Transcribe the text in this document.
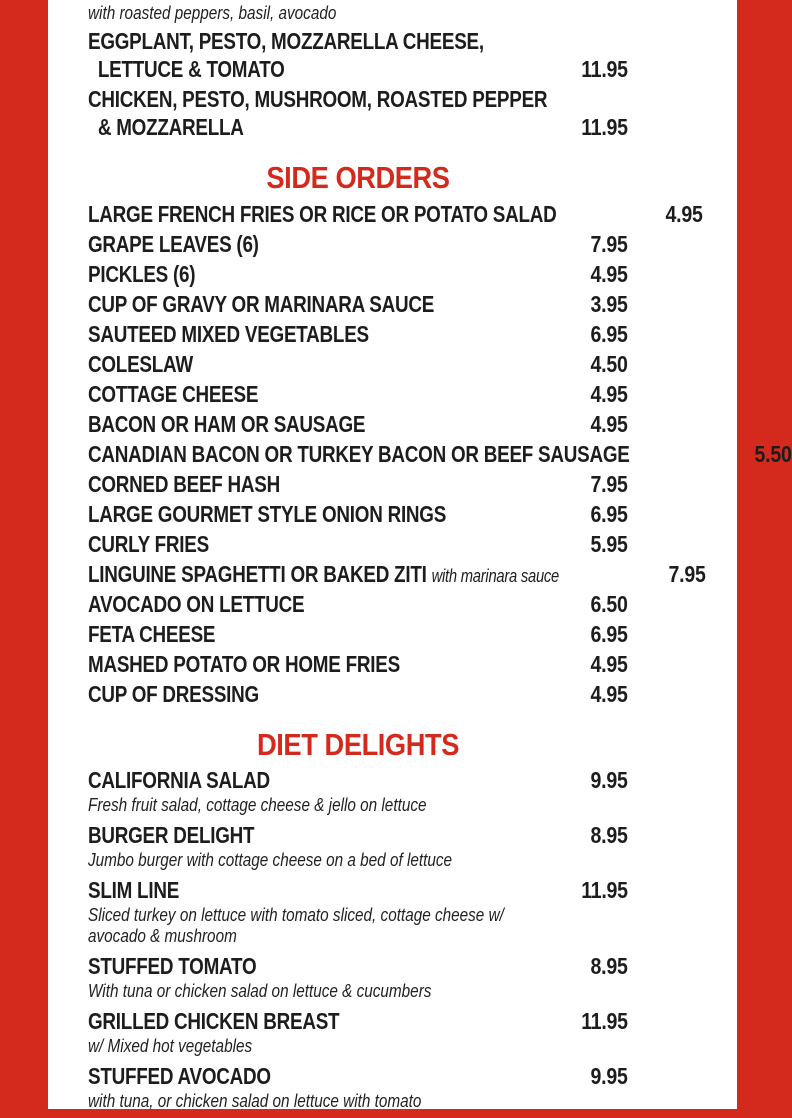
with roasted peppers, basil, avocado
EGGPLANT, PESTO, MOZZARELLA CHEESE,
LETTUCE & TOMATO	11.95
CHICKEN, PESTO, MUSHROOM, ROASTED PEPPER
& MOZZARELLA	11.95
SIDE ORDERS
LARGE FRENCH FRIES OR RICE OR POTATO SALAD	4.95
GRAPE LEAVES (6)	7.95
PICKLES (6)	4.95
CUP OF GRAVY OR MARINARA SAUCE	3.95
SAUTEED MIXED VEGETABLES	6.95
COLESLAW	4.50
COTTAGE CHEESE	4.95
BACON OR HAM OR SAUSAGE	4.95
CANADIAN BACON OR TURKEY BACON OR BEEF SAUSAGE	5.50
CORNED BEEF HASH	7.95
LARGE GOURMET STYLE ONION RINGS	6.95
CURLY FRIES	5.95
LINGUINE SPAGHETTI OR BAKED ZITI with marinara sauce	7.95
AVOCADO ON LETTUCE	6.50
FETA CHEESE	6.95
MASHED POTATO OR HOME FRIES	4.95
CUP OF DRESSING	4.95
DIET DELIGHTS
CALIFORNIA SALAD	9.95
Fresh fruit salad, cottage cheese & jello on lettuce
BURGER DELIGHT	8.95
Jumbo burger with cottage cheese on a bed of lettuce
SLIM LINE	11.95
Sliced turkey on lettuce with tomato sliced, cottage cheese w/
avocado & mushroom
STUFFED TOMATO	8.95
With tuna or chicken salad on lettuce & cucumbers
GRILLED CHICKEN BREAST	11.95
w/ Mixed hot vegetables
STUFFED AVOCADO	9.95
with tuna, or chicken salad on lettuce with tomato
